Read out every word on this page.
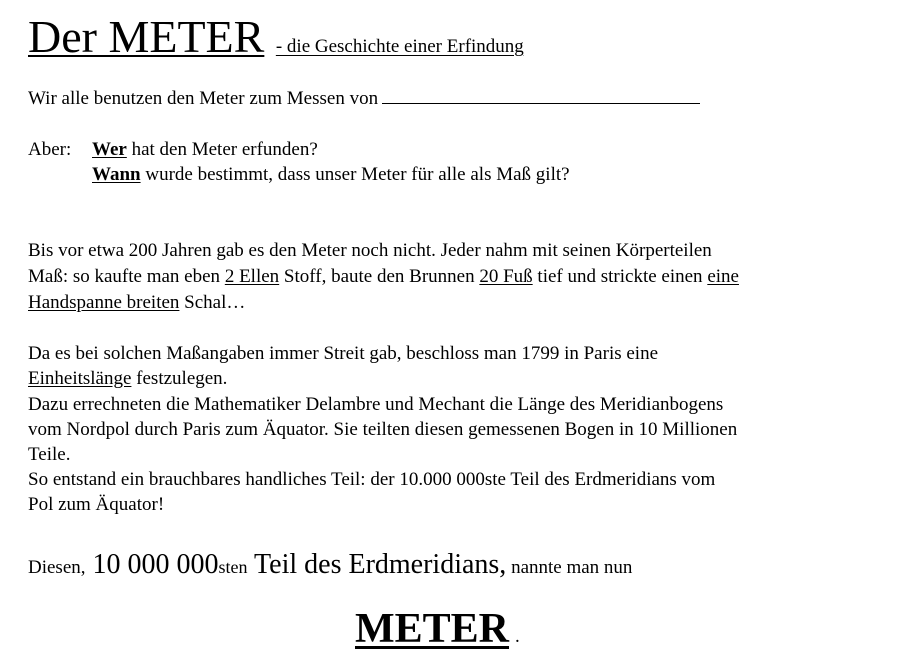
Der METER - die Geschichte einer Erfindung
Wir alle benutzen den Meter zum Messen von
Aber: Wer hat den Meter erfunden?
Wann wurde bestimmt, dass unser Meter für alle als Maß gilt?
Bis vor etwa 200 Jahren gab es den Meter noch nicht. Jeder nahm mit seinen Körperteilen
Maß: so kaufte man eben 2 Ellen Stoff, baute den Brunnen 20 Fuß tief und strickte einen eine
Handspanne breiten Schal…
Da es bei solchen Maßangaben immer Streit gab, beschloss man 1799 in Paris eine
Einheitslänge festzulegen.
Dazu errechneten die Mathematiker Delambre und Mechant die Länge des Meridianbogens
vom Nordpol durch Paris zum Äquator. Sie teilten diesen gemessenen Bogen in 10 Millionen
Teile.
So entstand ein brauchbares handliches Teil: der 10.000 000ste Teil des Erdmeridians vom
Pol zum Äquator!
Diesen, 10 000 000sten Teil des Erdmeridians, nannte man nun
METER .
